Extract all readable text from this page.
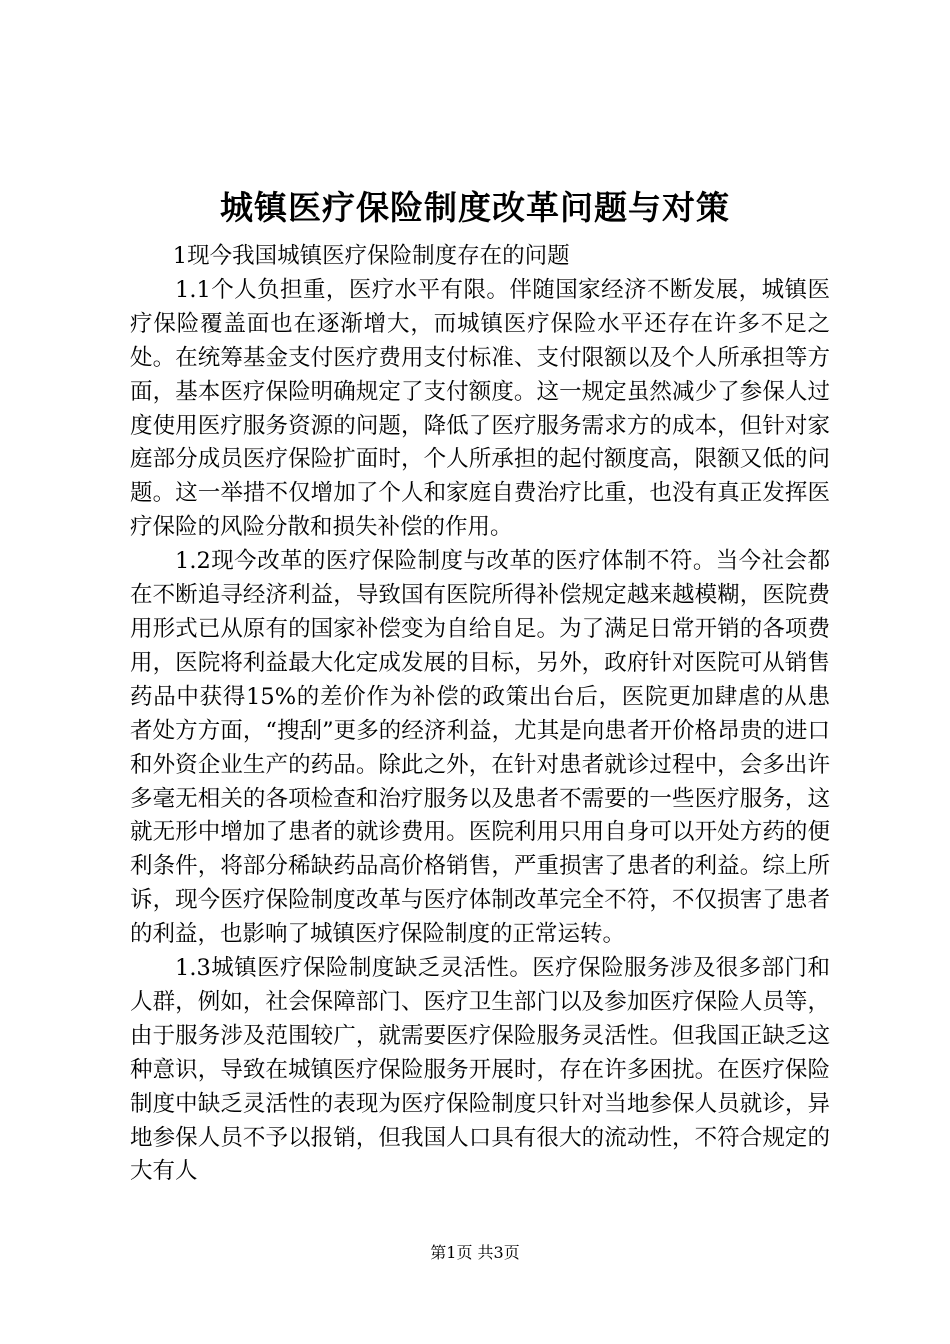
城镇医疗保险制度改革问题与对策

1现今我国城镇医疗保险制度存在的问题

1.1个人负担重，医疗水平有限。伴随国家经济不断发展，城镇医疗保险覆盖面也在逐渐增大，而城镇医疗保险水平还存在许多不足之处。在统筹基金支付医疗费用支付标准、支付限额以及个人所承担等方面，基本医疗保险明确规定了支付额度。这一规定虽然减少了参保人过度使用医疗服务资源的问题，降低了医疗服务需求方的成本，但针对家庭部分成员医疗保险扩面时，个人所承担的起付额度高，限额又低的问题。这一举措不仅增加了个人和家庭自费治疗比重，也没有真正发挥医疗保险的风险分散和损失补偿的作用。

1.2现今改革的医疗保险制度与改革的医疗体制不符。当今社会都在不断追寻经济利益，导致国有医院所得补偿规定越来越模糊，医院费用形式已从原有的国家补偿变为自给自足。为了满足日常开销的各项费用，医院将利益最大化定成发展的目标，另外，政府针对医院可从销售药品中获得15%的差价作为补偿的政策出台后，医院更加肆虐的从患者处方方面，“搜刮”更多的经济利益，尤其是向患者开价格昂贵的进口和外资企业生产的药品。除此之外，在针对患者就诊过程中，会多出许多毫无相关的各项检查和治疗服务以及患者不需要的一些医疗服务，这就无形中增加了患者的就诊费用。医院利用只用自身可以开处方药的便利条件，将部分稀缺药品高价格销售，严重损害了患者的利益。综上所诉，现今医疗保险制度改革与医疗体制改革完全不符，不仅损害了患者的利益，也影响了城镇医疗保险制度的正常运转。

1.3城镇医疗保险制度缺乏灵活性。医疗保险服务涉及很多部门和人群，例如，社会保障部门、医疗卫生部门以及参加医疗保险人员等，由于服务涉及范围较广，就需要医疗保险服务灵活性。但我国正缺乏这种意识，导致在城镇医疗保险服务开展时，存在许多困扰。在医疗保险制度中缺乏灵活性的表现为医疗保险制度只针对当地参保人员就诊，异地参保人员不予以报销，但我国人口具有很大的流动性，不符合规定的大有人

第1页 共3页
